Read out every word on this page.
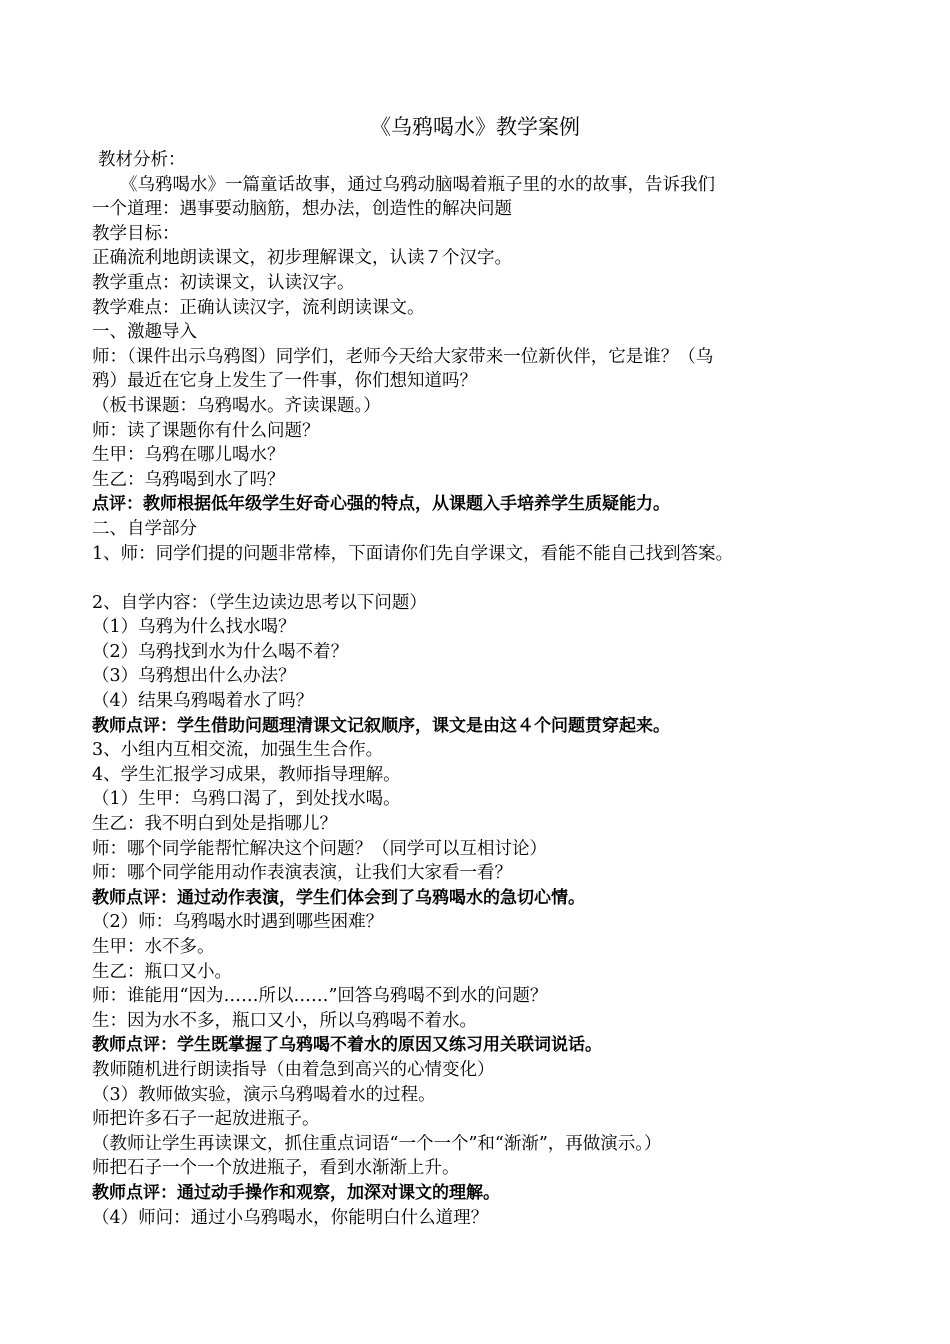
《乌鸦喝水》教学案例
教材分析：
《乌鸦喝水》一篇童话故事，通过乌鸦动脑喝着瓶子里的水的故事，告诉我们
一个道理：遇事要动脑筋，想办法，创造性的解决问题
教学目标：
正确流利地朗读课文，初步理解课文，认读７个汉字。
教学重点：初读课文，认读汉字。
教学难点：正确认读汉字，流利朗读课文。
一、激趣导入
师：（课件出示乌鸦图）同学们，老师今天给大家带来一位新伙伴，它是谁？（乌
鸦）最近在它身上发生了一件事，你们想知道吗？
（板书课题：乌鸦喝水。齐读课题。）
师：读了课题你有什么问题？
生甲：乌鸦在哪儿喝水？
生乙：乌鸦喝到水了吗？
点评：教师根据低年级学生好奇心强的特点，从课题入手培养学生质疑能力。
二、自学部分
1、师：同学们提的问题非常棒，下面请你们先自学课文，看能不能自己找到答案。
2、自学内容：（学生边读边思考以下问题）
（1）乌鸦为什么找水喝？
（2）乌鸦找到水为什么喝不着？
（3）乌鸦想出什么办法？
（4）结果乌鸦喝着水了吗？
教师点评：学生借助问题理清课文记叙顺序，课文是由这４个问题贯穿起来。
3、小组内互相交流，加强生生合作。
4、学生汇报学习成果，教师指导理解。
（1）生甲：乌鸦口渴了，到处找水喝。
生乙：我不明白到处是指哪儿？
师：哪个同学能帮忙解决这个问题？（同学可以互相讨论）
师：哪个同学能用动作表演表演，让我们大家看一看？
教师点评：通过动作表演，学生们体会到了乌鸦喝水的急切心情。
（2）师：乌鸦喝水时遇到哪些困难？
生甲：水不多。
生乙：瓶口又小。
师：谁能用“因为……所以……”回答乌鸦喝不到水的问题？
生：因为水不多，瓶口又小，所以乌鸦喝不着水。
教师点评：学生既掌握了乌鸦喝不着水的原因又练习用关联词说话。
教师随机进行朗读指导（由着急到高兴的心情变化）
（3）教师做实验，演示乌鸦喝着水的过程。
师把许多石子一起放进瓶子。
（教师让学生再读课文，抓住重点词语“一个一个”和“渐渐”，再做演示。）
师把石子一个一个放进瓶子，看到水渐渐上升。
教师点评：通过动手操作和观察，加深对课文的理解。
（4）师问：通过小乌鸦喝水，你能明白什么道理？
